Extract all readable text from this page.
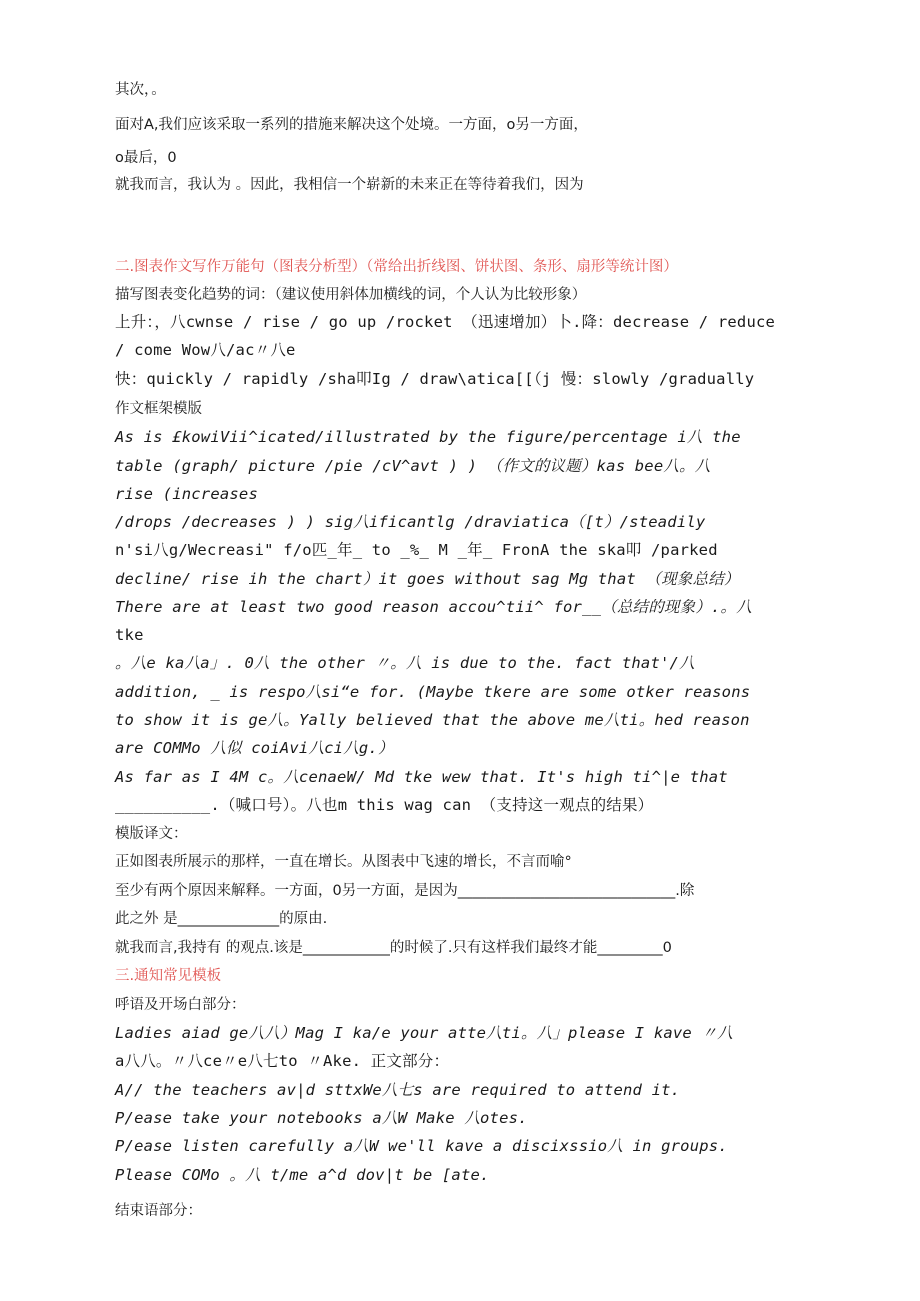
其次，。
面对A,我们应该采取一系列的措施来解决这个处境。一方面，o另一方面，
o最后，0
就我而言，我认为 。因此，我相信一个崭新的未来正在等待着我们，因为
二.图表作文写作万能句（图表分析型）（常给出折线图、饼状图、条形、扇形等统计图）
描写图表变化趋势的词：（建议使用斜体加横线的词，个人认为比较形象）
上升：，八cwnse / rise / go up /rocket （迅速增加）卜.降：decrease / reduce
/ come Wow八/ac〃八e
快：quickly / rapidly /sha叩Ig / draw\atica[[（j 慢：slowly /gradually
作文框架模版
As is £kowiVii^icated/illustrated by the figure/percentage i八 the
table (graph/ picture /pie /cV^avt ) ) （作文的议题）kas bee八。八
rise (increases
/drops /decreases ) ) sig八ificantlg /draviatica（[t）/steadily
n'si八g/Wecreasi" f/o匹_年_ to _%_ M _年_ FronA the ska叩 /parked
decline/ rise ih the chart）it goes without sag Mg that （现象总结）
There are at least two good reason accou^tii^ for__（总结的现象）.。八
tke
。八e ka八a」. 0八 the other 〃。八 is due to the. fact that'/八
addition, _ is respo八si“e for. (Maybe tkere are some otker reasons
to show it is ge八。Yally believed that the above me八ti。hed reason
are COMMo 八似 coiAvi八ci八g.）
As far as I 4M c。八cenaeW/ Md tke wew that. It's high ti^|e that
__________.（喊口号）。八也m this wag can （支持这一观点的结果）
模版译文：
正如图表所展示的那样，一直在增长。从图表中飞速的增长，不言而喻°
至少有两个原因来解释。一方面，0另一方面，是因为______________________________.除
此之外 是______________的原由.
就我而言,我持有 的观点.该是____________的时候了.只有这样我们最终才能_________0
三.通知常见模板
呼语及开场白部分：
Ladies aiad ge八八）Mag I ka/e your atte八ti。八」please I kave 〃八
a八八。〃八ce〃e八七to 〃Ake. 正文部分：
A// the teachers av|d sttxWe八七s are required to attend it.
P/ease take your notebooks a八W Make 八otes.
P/ease listen carefully a八W we'll kave a discixssio八 in groups.
Please COMo 。八 t/me a^d dov|t be [ate.
结束语部分：
